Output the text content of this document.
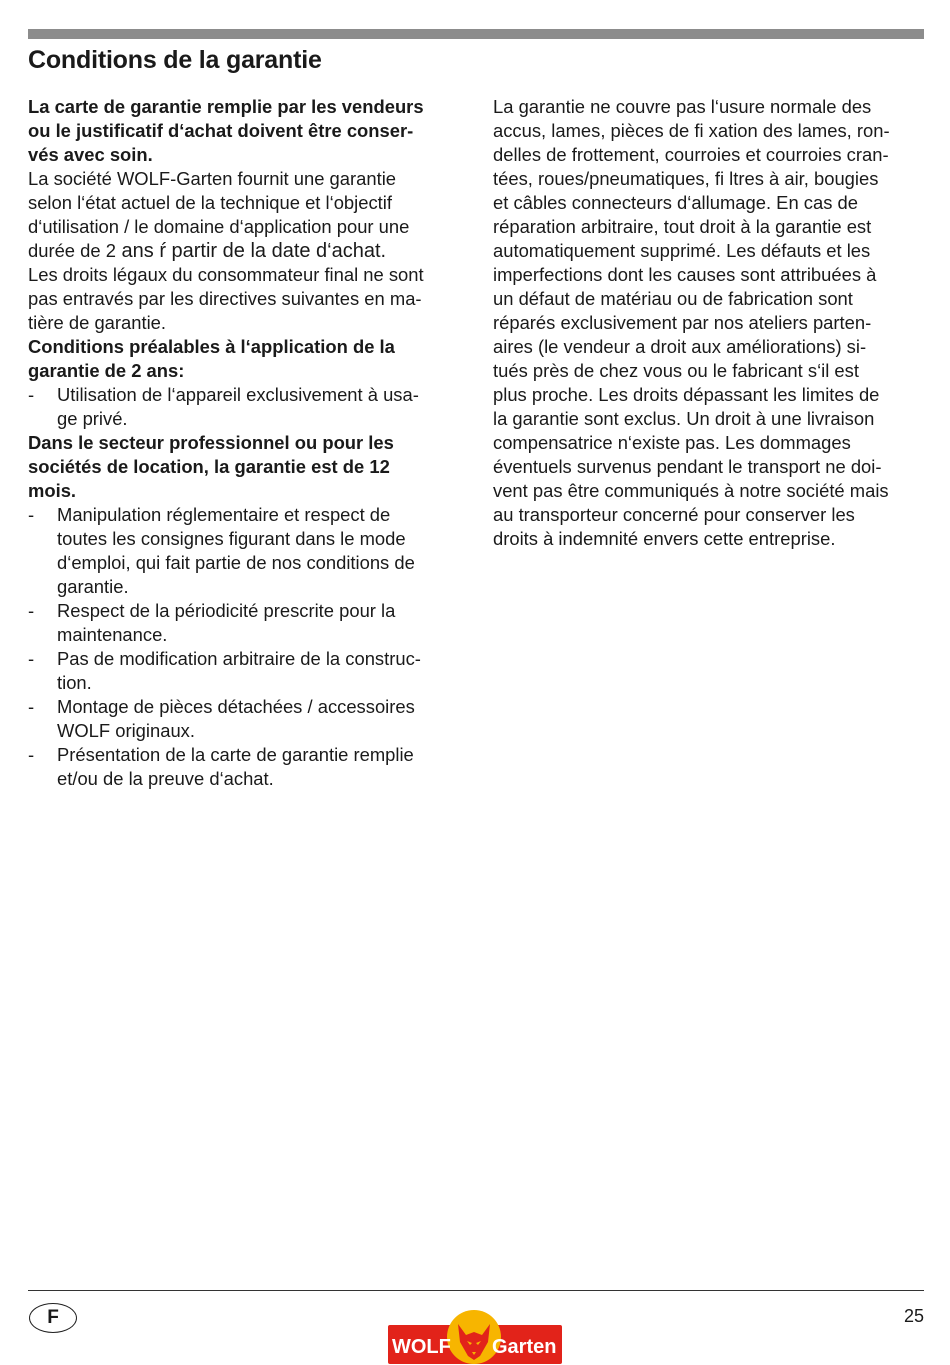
Conditions de la garantie
La carte de garantie remplie par les vendeurs
ou le justificatif d‘achat doivent être conser-
vés avec soin.
La société WOLF-Garten fournit une garantie
selon l‘état actuel de la technique et l‘objectif
d‘utilisation / le domaine d‘application pour une
durée de 2 ans ŕ partir de la date d‘achat.
Les droits légaux du consommateur final ne sont
pas entravés par les directives suivantes en ma-
tière de garantie.
Conditions préalables à l‘application de la
garantie de 2 ans:
- Utilisation de l‘appareil exclusivement à usa-
ge privé.
Dans le secteur professionnel ou pour les
sociétés de location, la garantie est de 12
mois.
- Manipulation réglementaire et respect de
toutes les consignes figurant dans le mode
d‘emploi, qui fait partie de nos conditions de
garantie.
- Respect de la périodicité prescrite pour la
maintenance.
- Pas de modification arbitraire de la construc-
tion.
- Montage de pièces détachées / accessoires
WOLF originaux.
- Présentation de la carte de garantie remplie
et/ou de la preuve d‘achat.
La garantie ne couvre pas l‘usure normale des
accus, lames, pièces de fi xation des lames, ron-
delles de frottement, courroies et courroies cran-
tées, roues/pneumatiques, fi ltres à air, bougies
et câbles connecteurs d‘allumage. En cas de
réparation arbitraire, tout droit à la garantie est
automatiquement supprimé. Les défauts et les
imperfections dont les causes sont attribuées à
un défaut de matériau ou de fabrication sont
réparés exclusivement par nos ateliers parten-
aires (le vendeur a droit aux améliorations) si-
tués près de chez vous ou le fabricant s‘il est
plus proche. Les droits dépassant les limites de
la garantie sont exclus. Un droit à une livraison
compensatrice n‘existe pas. Les dommages
éventuels survenus pendant le transport ne doi-
vent pas être communiqués à notre société mais
au transporteur concerné pour conserver les
droits à indemnité envers cette entreprise.
F	25
WOLF Garten
